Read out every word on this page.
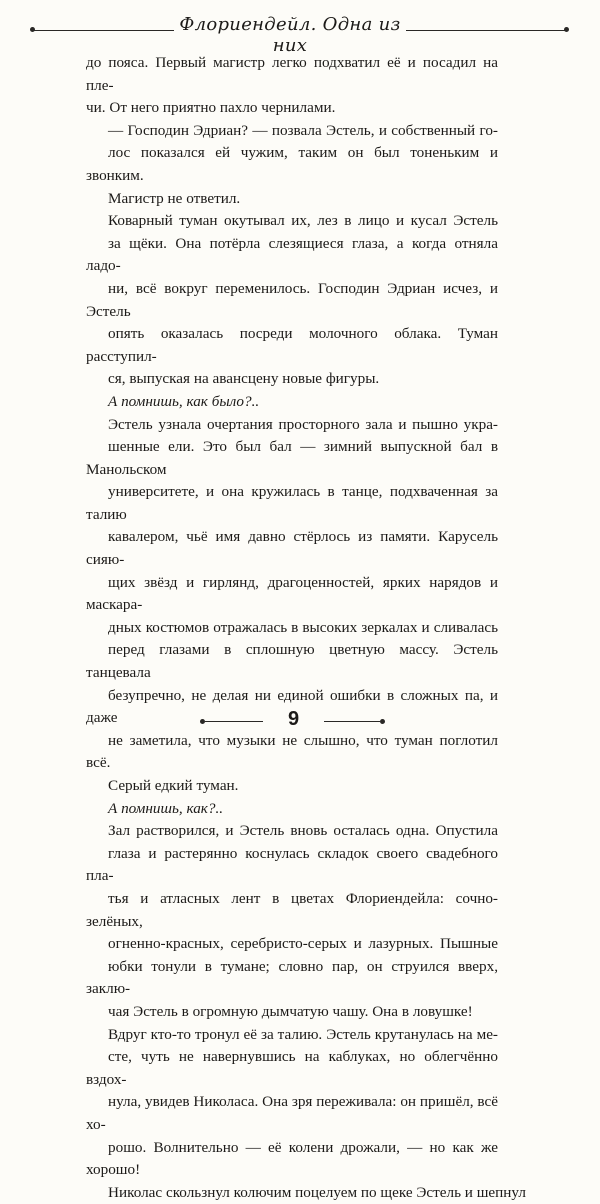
Флориендейл. Одна из них

до пояса. Первый магистр легко подхватил её и посадил на пле-
чи. От него приятно пахло чернилами.

— Господин Эдриан? — позвала Эстель, и собственный го-
лос показался ей чужим, таким он был тоненьким и звонким.
Магистр не ответил.

Коварный туман окутывал их, лез в лицо и кусал Эстель
за щёки. Она потёрла слезящиеся глаза, а когда отняла ладо-
ни, всё вокруг переменилось. Господин Эдриан исчез, и Эстель
опять оказалась посреди молочного облака. Туман расступил-
ся, выпуская на авансцену новые фигуры.

А помнишь, как было?..

Эстель узнала очертания просторного зала и пышно укра-
шенные ели. Это был бал — зимний выпускной бал в Манольском
университете, и она кружилась в танце, подхваченная за талию
кавалером, чьё имя давно стёрлось из памяти. Карусель сияю-
щих звёзд и гирлянд, драгоценностей, ярких нарядов и маскара-
дных костюмов отражалась в высоких зеркалах и сливалась
перед глазами в сплошную цветную массу. Эстель танцевала
безупречно, не делая ни единой ошибки в сложных па, и даже
не заметила, что музыки не слышно, что туман поглотил всё.
Серый едкий туман.

А помнишь, как?..

Зал растворился, и Эстель вновь осталась одна. Опустила
глаза и растерянно коснулась складок своего свадебного пла-
тья и атласных лент в цветах Флориендейла: сочно-зелёных,
огненно-красных, серебристо-серых и лазурных. Пышные
юбки тонули в тумане; словно пар, он струился вверх, заклю-
чая Эстель в огромную дымчатую чашу. Она в ловушке!

Вдруг кто-то тронул её за талию. Эстель крутанулась на ме-
сте, чуть не навернувшись на каблуках, но облегчённо вздох-
нула, увидев Николаса. Она зря переживала: он пришёл, всё хо-
рошо. Волнительно — её колени дрожали, — но как же хорошо!
Николас скользнул колючим поцелуем по щеке Эстель и шепнул

9
